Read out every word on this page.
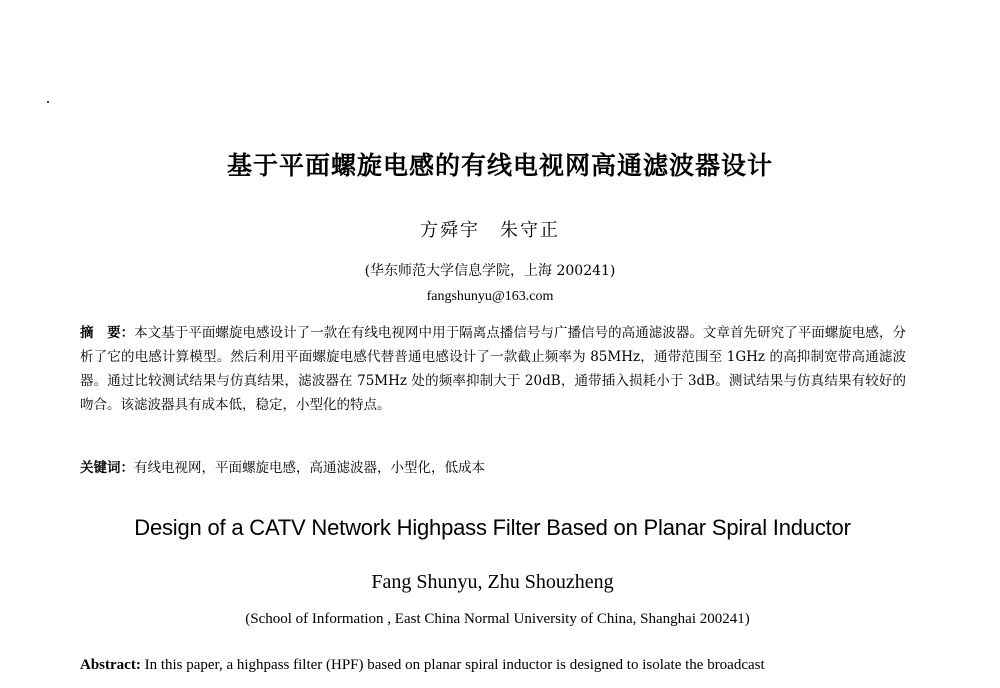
基于平面螺旋电感的有线电视网高通滤波器设计
方舜宇　朱守正
(华东师范大学信息学院，上海 200241)
fangshunyu@163.com
摘　要：本文基于平面螺旋电感设计了一款在有线电视网中用于隔离点播信号与广播信号的高通滤波器。文章首先研究了平面螺旋电感，分析了它的电感计算模型。然后利用平面螺旋电感代替普通电感设计了一款截止频率为 85MHz，通带范围至 1GHz 的高抑制宽带高通滤波器。通过比较测试结果与仿真结果，滤波器在 75MHz 处的频率抑制大于 20dB，通带插入损耗小于 3dB。测试结果与仿真结果有较好的吻合。该滤波器具有成本低，稳定，小型化的特点。
关键词：有线电视网，平面螺旋电感，高通滤波器，小型化，低成本
Design of a CATV Network Highpass Filter Based on Planar Spiral Inductor
Fang Shunyu, Zhu Shouzheng
(School of Information , East China Normal University of China, Shanghai 200241)
Abstract: In this paper, a highpass filter (HPF) based on planar spiral inductor is designed to isolate the broadcast
